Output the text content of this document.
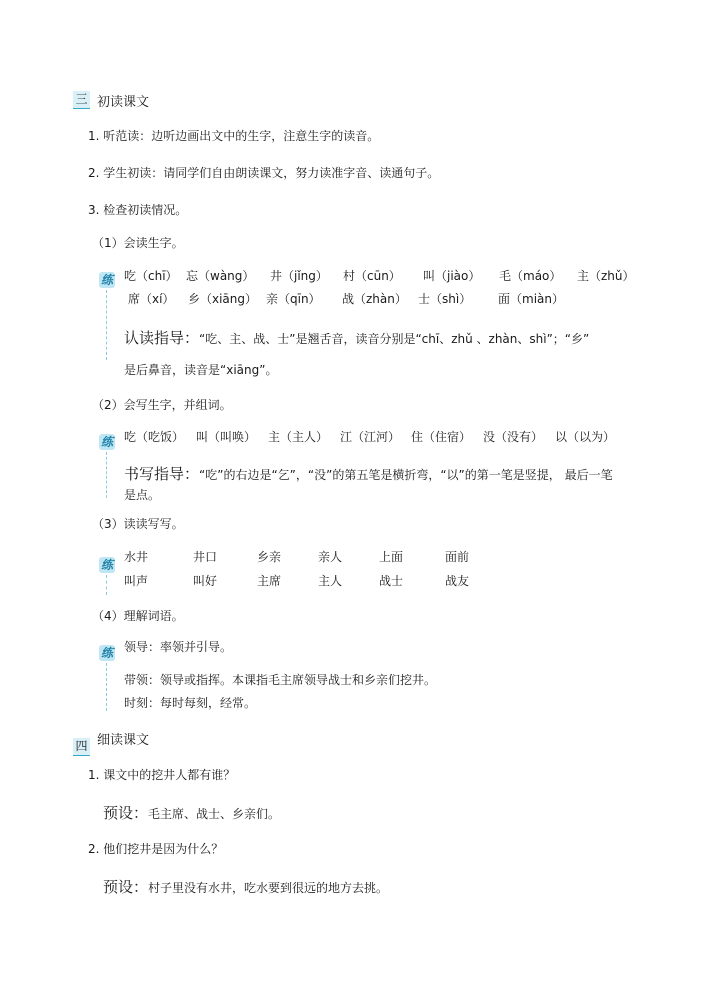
三 初读课文
1. 听范读：边听边画出文中的生字，注意生字的读音。
2. 学生初读：请同学们自由朗读课文，努力读准字音、读通句子。
3. 检查初读情况。
（1）会读生字。
练 吃（chī） 忘（wàng） 井（jǐng） 村（cūn） 叫（jiào） 毛（máo） 主（zhǔ）
席（xí） 乡（xiāng） 亲（qīn） 战（zhàn） 士（shì） 面（miàn）
认读指导：“吃、主、战、士”是翘舌音，读音分别是“chī、zhǔ 、zhàn、shì”；“乡”
是后鼻音，读音是“xiāng”。
（2）会写生字，并组词。
练 吃（吃饭） 叫（叫唤） 主（主人） 江（江河） 住（住宿） 没（没有） 以（以为）
书写指导：“吃”的右边是“乞”，“没”的第五笔是横折弯，“以”的第一笔是竖提， 最后一笔
是点。
（3）读读写写。
练
水井	井口	乡亲	亲人	上面	面前
叫声	叫好	主席	主人	战士	战友
（4）理解词语。
练 领导：率领并引导。
带领：领导或指挥。本课指毛主席领导战士和乡亲们挖井。
时刻：每时每刻，经常。
四 细读课文
1. 课文中的挖井人都有谁？
预设：毛主席、战士、乡亲们。
2. 他们挖井是因为什么？
预设：村子里没有水井，吃水要到很远的地方去挑。
